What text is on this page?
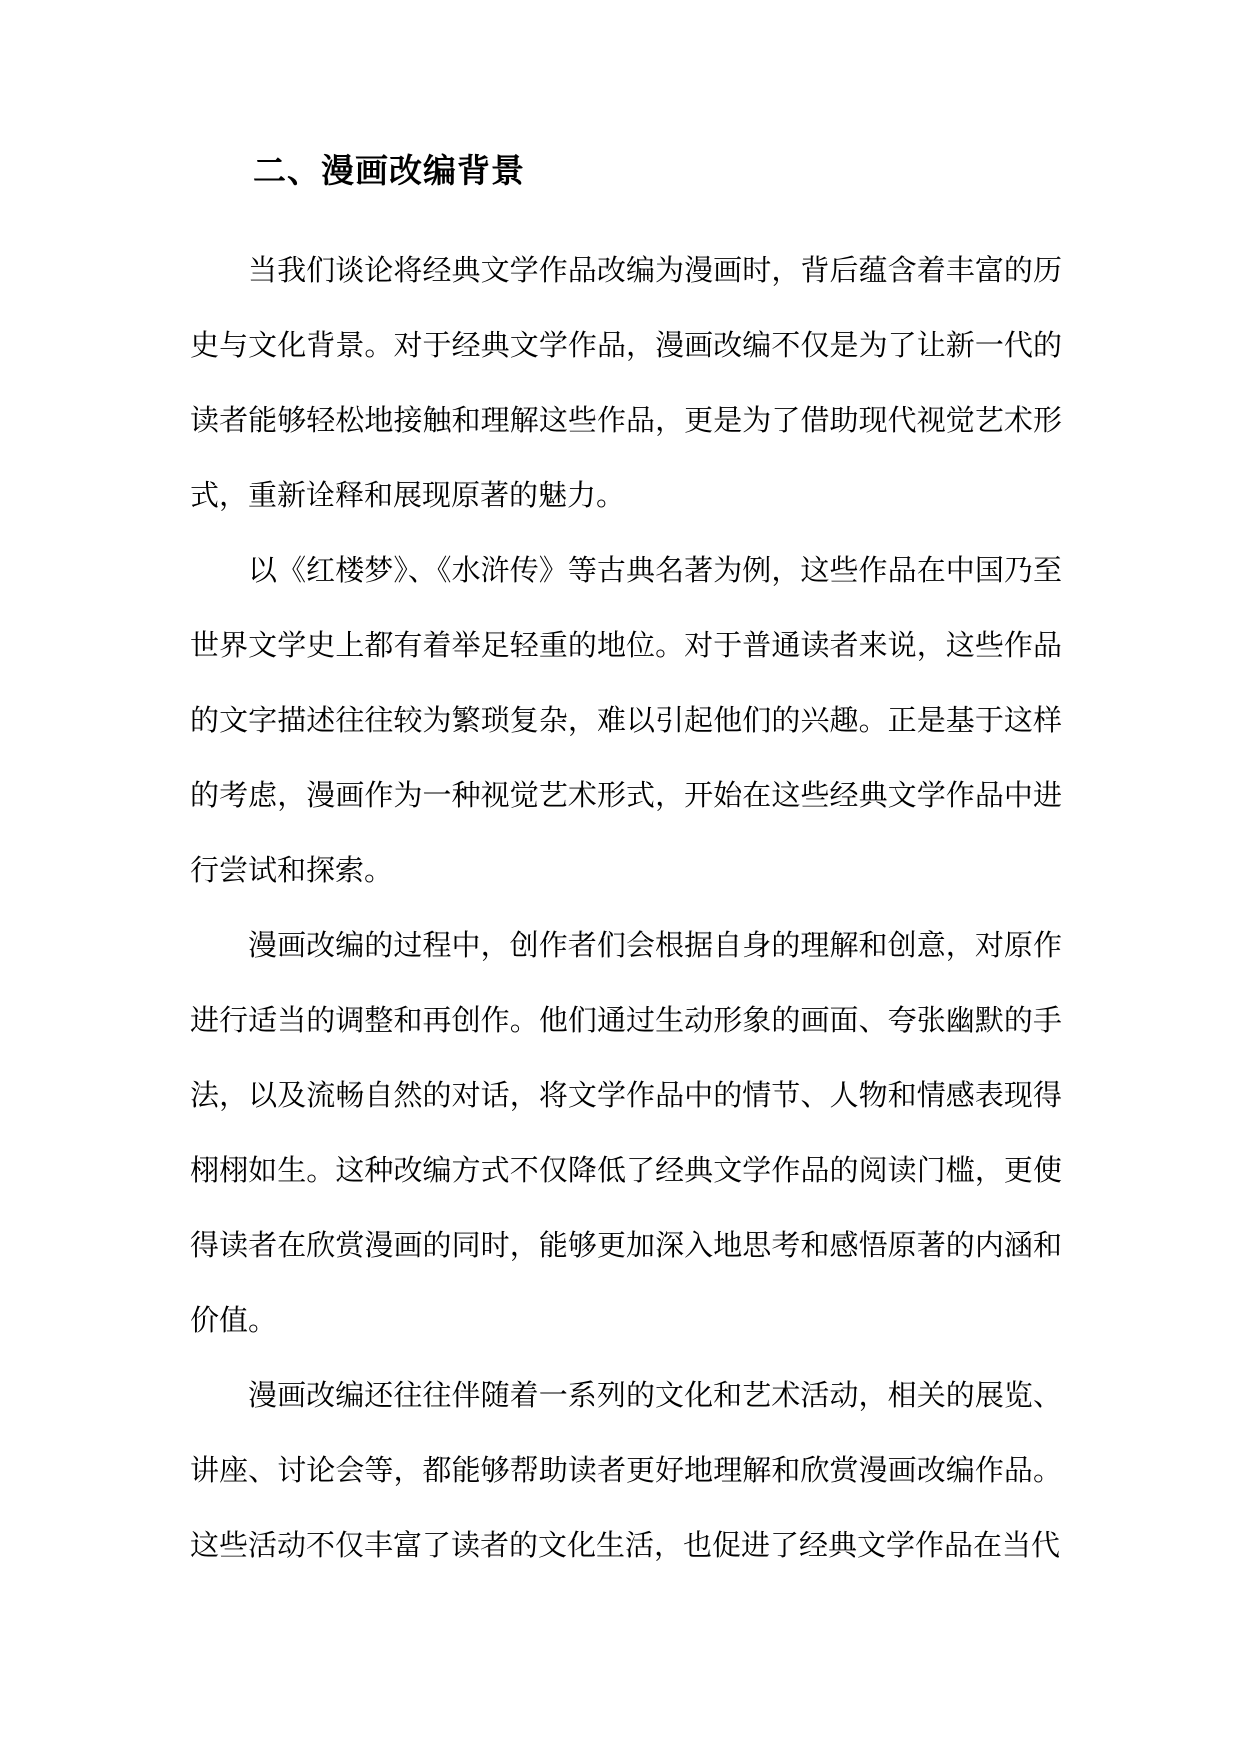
二、漫画改编背景

当我们谈论将经典文学作品改编为漫画时，背后蕴含着丰富的历史与文化背景。对于经典文学作品，漫画改编不仅是为了让新一代的读者能够轻松地接触和理解这些作品，更是为了借助现代视觉艺术形式，重新诠释和展现原著的魅力。

以《红楼梦》、《水浒传》等古典名著为例，这些作品在中国乃至世界文学史上都有着举足轻重的地位。对于普通读者来说，这些作品的文字描述往往较为繁琐复杂，难以引起他们的兴趣。正是基于这样的考虑，漫画作为一种视觉艺术形式，开始在这些经典文学作品中进行尝试和探索。

漫画改编的过程中，创作者们会根据自身的理解和创意，对原作进行适当的调整和再创作。他们通过生动形象的画面、夸张幽默的手法，以及流畅自然的对话，将文学作品中的情节、人物和情感表现得栩栩如生。这种改编方式不仅降低了经典文学作品的阅读门槛，更使得读者在欣赏漫画的同时，能够更加深入地思考和感悟原著的内涵和价值。

漫画改编还往往伴随着一系列的文化和艺术活动，相关的展览、讲座、讨论会等，都能够帮助读者更好地理解和欣赏漫画改编作品。这些活动不仅丰富了读者的文化生活，也促进了经典文学作品在当代
